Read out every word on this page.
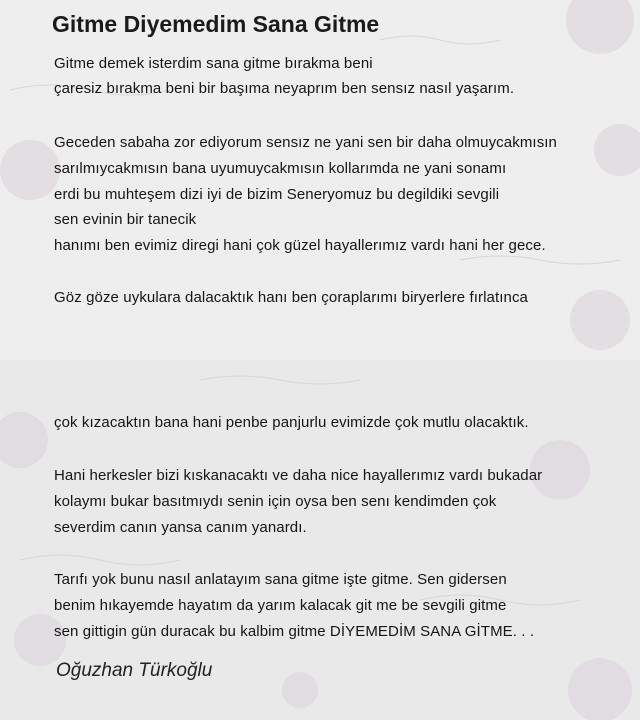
Gitme Diyemedim Sana Gitme
Gitme demek isterdim sana gitme bırakma beni
çaresiz bırakma beni bir başıma neyaprım ben sensız nasıl yaşarım.
Geceden sabaha zor ediyorum sensız ne yani sen bir daha olmuycakmısın
sarılmıycakmısın bana uyumuycakmısın kollarımda ne yani sonamı
erdi bu muhteşem dizi iyi de bizim Seneryomuz bu degildiki sevgili
sen evinin bir tanecik
hanımı ben evimiz diregi hani çok güzel hayallerımız vardı hani her gece.
Göz göze uykulara dalacaktık hanı ben çoraplarımı biryerlere fırlatınca
çok kızacaktın bana hani penbe panjurlu evimizde çok mutlu olacaktık.
Hani herkesler bizi kıskanacaktı ve daha nice hayallerımız vardı bukadar
kolaymı bukar basıtmıydı senin için oysa ben senı kendimden çok
severdim canın yansa canım yanardı.
Tarıfı yok bunu nasıl anlatayım sana gitme işte gitme. Sen gidersen
benim hıkayemde hayatım da yarım kalacak git me be sevgili gitme
sen gittigin gün duracak bu kalbim gitme DİYEMEDİM SANA GİTME. . .
Oğuzhan Türkoğlu
